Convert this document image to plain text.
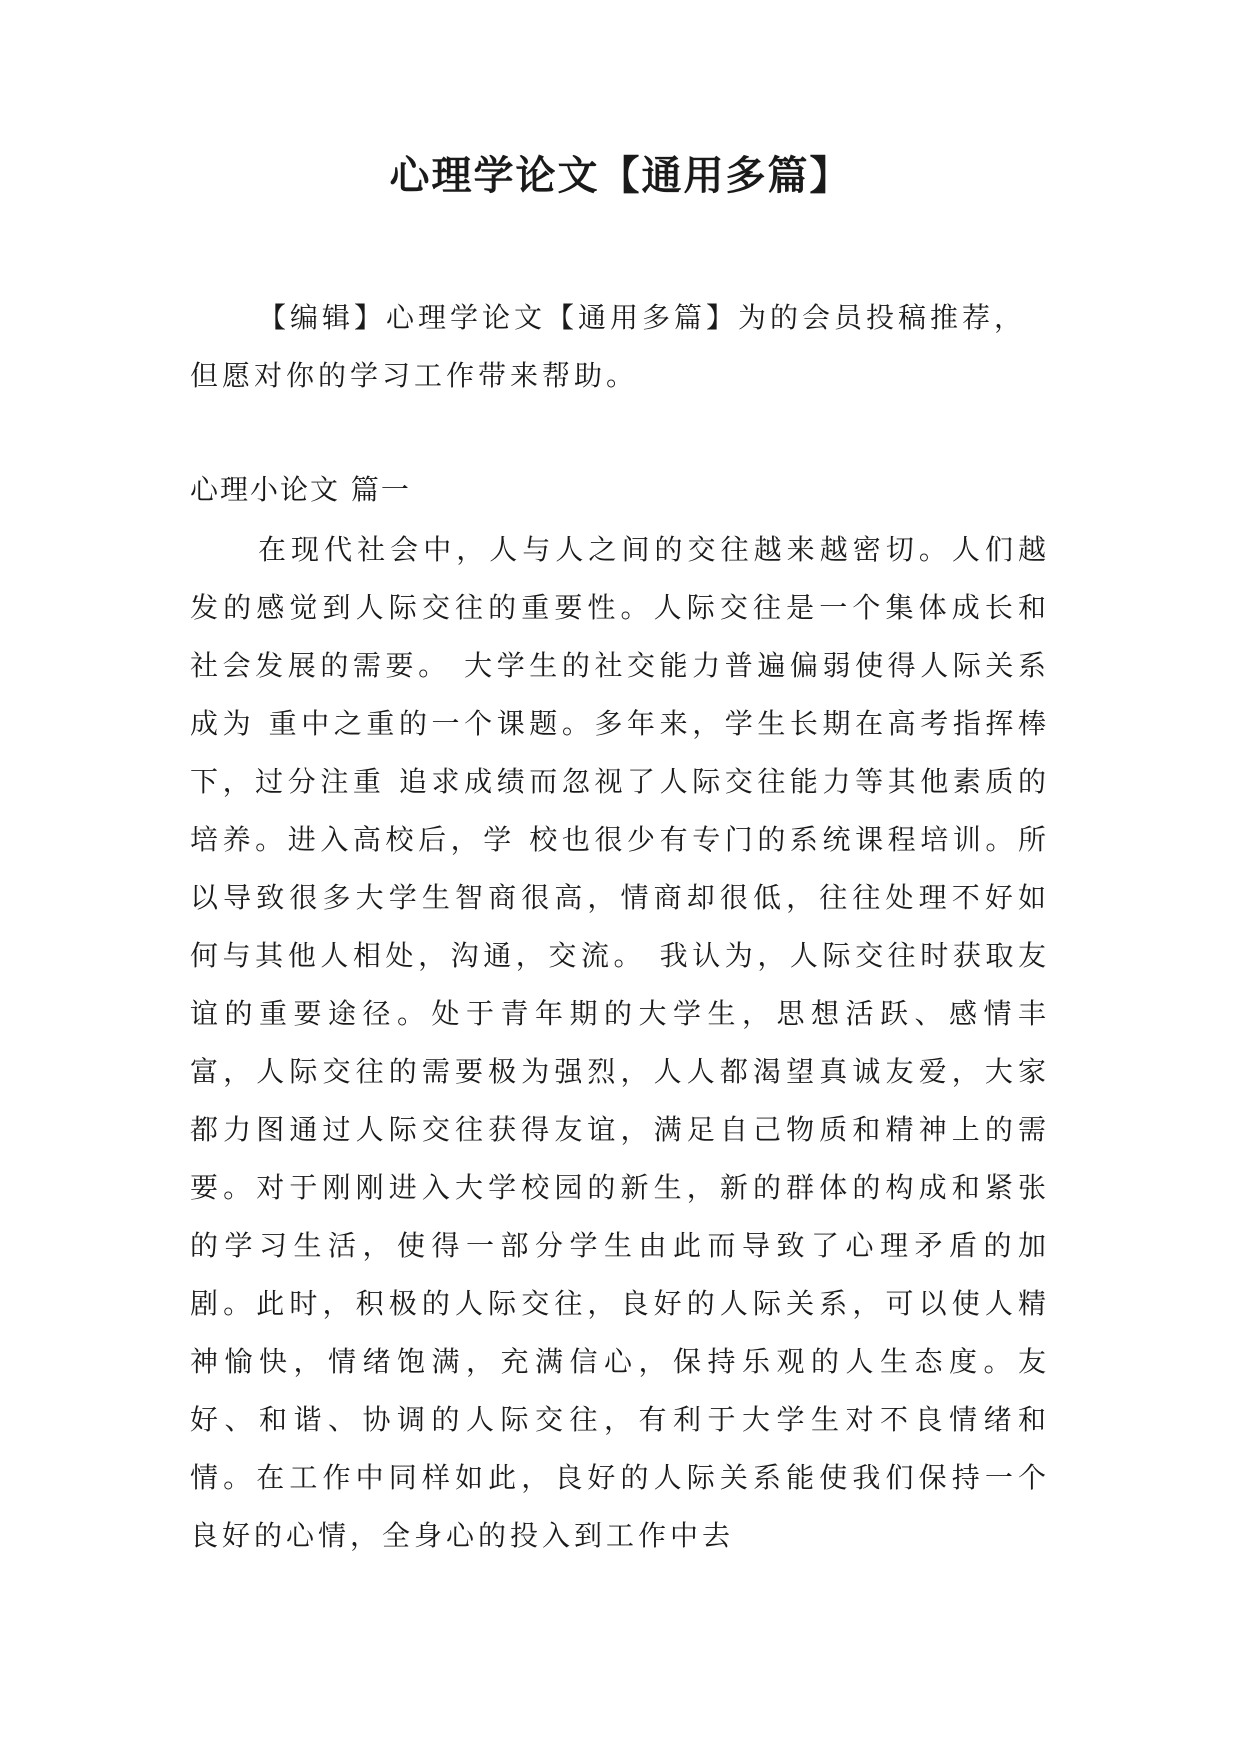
心理学论文【通用多篇】

【编辑】心理学论文【通用多篇】为的会员投稿推荐，但愿对你的学习工作带来帮助。

心理小论文 篇一

在现代社会中，人与人之间的交往越来越密切。人们越发的感觉到人际交往的重要性。人际交往是一个集体成长和社会发展的需要。 大学生的社交能力普遍偏弱使得人际关系成为 重中之重的一个课题。多年来，学生长期在高考指挥棒下，过分注重 追求成绩而忽视了人际交往能力等其他素质的培养。进入高校后，学 校也很少有专门的系统课程培训。所以导致很多大学生智商很高，情商却很低，往往处理不好如何与其他人相处，沟通，交流。 我认为，人际交往时获取友谊的重要途径。处于青年期的大学生，思想活跃、感情丰富，人际交往的需要极为强烈，人人都渴望真诚友爱，大家都力图通过人际交往获得友谊，满足自己物质和精神上的需要。对于刚刚进入大学校园的新生，新的群体的构成和紧张的学习生活，使得一部分学生由此而导致了心理矛盾的加剧。此时，积极的人际交往，良好的人际关系，可以使人精神愉快，情绪饱满，充满信心，保持乐观的人生态度。友好、和谐、协调的人际交往，有利于大学生对不良情绪和情。在工作中同样如此，良好的人际关系能使我们保持一个良好的心情，全身心的投入到工作中去
